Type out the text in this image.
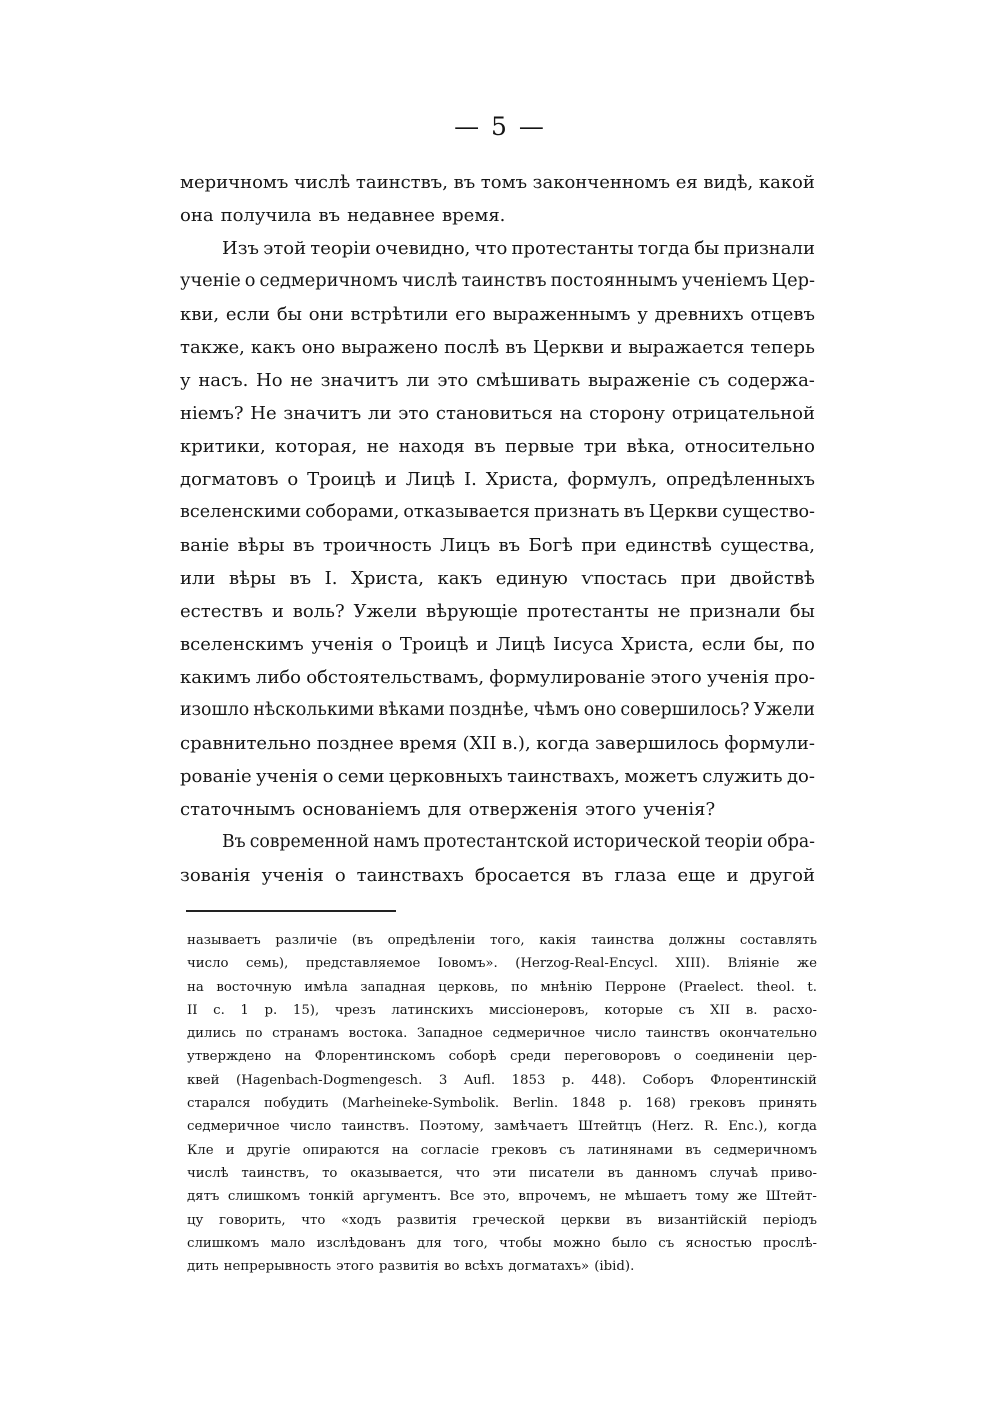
— 5 —
меричномъ числѣ таинствъ, въ томъ законченномъ ея видѣ, какой
она получила въ недавнее время.
Изъ этой теоріи очевидно, что протестанты тогда бы признали
ученіе о седмеричномъ числѣ таинствъ постояннымъ ученіемъ Цер-
кви, если бы они встрѣтили его выраженнымъ у древнихъ отцевъ
также, какъ оно выражено послѣ въ Церкви и выражается теперь
у насъ. Но не значитъ ли это смѣшивать выраженіе съ содержа-
ніемъ? Не значитъ ли это становиться на сторону отрицательной
критики, которая, не находя въ первые три вѣка, относительно
догматовъ о Троицѣ и Лицѣ І. Христа, формулъ, опредѣленныхъ
вселенскими соборами, отказывается признать въ Церкви существо-
ваніе вѣры въ троичность Лицъ въ Богѣ при единствѣ существа,
или вѣры въ І. Христа, какъ единую ѵпостась при двойствѣ
естествъ и воль? Ужели вѣрующіе протестанты не признали бы
вселенскимъ ученія о Троицѣ и Лицѣ Іисуса Христа, если бы, по
какимъ либо обстоятельствамъ, формулированіе этого ученія про-
изошло нѣсколькими вѣками позднѣе, чѣмъ оно совершилось? Ужели
сравнительно позднее время (XII в.), когда завершилось формули-
рованіе ученія о семи церковныхъ таинствахъ, можетъ служить до-
статочнымъ основаніемъ для отверженія этого ученія?
Въ современной намъ протестантской исторической теоріи обра-
зованія ученія о таинствахъ бросается въ глаза еще и другой
называетъ различіе (въ опредѣленіи того, какія таинства должны составлять
число семь), представляемое Іовомъ». (Herzog-Real-Encycl. XIII). Вліяніе же
на восточную имѣла западная церковь, по мнѣнію Перроне (Praelect. theol. t.
II c. 1 p. 15), чрезъ латинскихъ миссіонеровъ, которые съ XII в. расхо-
дились по странамъ востока. Западное седмеричное число таинствъ окончательно
утверждено на Флорентинскомъ соборѣ среди переговоровъ о соединеніи цер-
квей (Hagenbach-Dogmengesch. 3 Aufl. 1853 p. 448). Соборъ Флорентинскій
старался побудить (Marheineke-Symbolik. Berlin. 1848 p. 168) грековъ принять
седмеричное число таинствъ. Поэтому, замѣчаетъ Штейтцъ (Herz. R. Enc.), когда
Кле и другіе опираются на согласіе грековъ съ латинянами въ седмеричномъ
числѣ таинствъ, то оказывается, что эти писатели въ данномъ случаѣ приво-
дятъ слишкомъ тонкій аргументъ. Все это, впрочемъ, не мѣшаетъ тому же Штейт-
цу говорить, что «ходъ развитія греческой церкви въ византійскій періодъ
слишкомъ мало изслѣдованъ для того, чтобы можно было съ ясностью прослѣ-
дить непрерывность этого развитія во всѣхъ догматахъ» (ibid).
